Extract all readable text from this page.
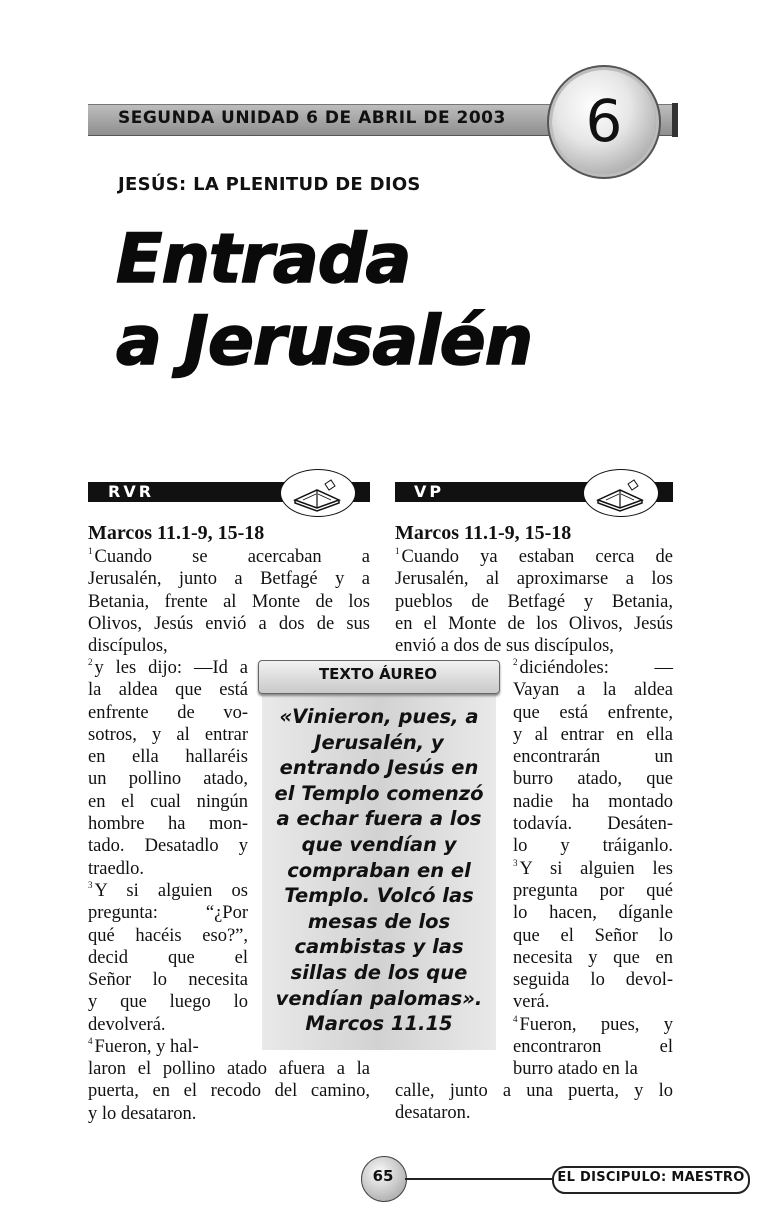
SEGUNDA UNIDAD 6 DE ABRIL DE 2003	6
JESÚS: LA PLENITUD DE DIOS
Entrada
a Jerusalén
RVR	VP
Marcos 11.1-9, 15-18	Marcos 11.1-9, 15-18
$^1$ Cuando se acercaban a
Jerusalén, junto a Betfagé y a
Betania, frente al Monte de los
Olivos, Jesús envió a dos de sus
discípulos,
$^2$ y les dijo: —Id a
la aldea que está
enfrente de vo-
sotros, y al entrar
en ella hallaréis
un pollino atado,
en el cual ningún
hombre ha mon-
tado. Desatadlo y
traedlo.
$^3$ Y si alguien os
pregunta: “¿Por
qué hacéis eso?”,
decid que el
Señor lo necesita
y que luego lo
devolverá.
$^4$ Fueron, y hal-
laron el pollino atado afuera a la
puerta, en el recodo del camino,
y lo desataron.
$^1$ Cuando ya estaban cerca de
Jerusalén, al aproximarse a los
pueblos de Betfagé y Betania,
en el Monte de los Olivos, Jesús
envió a dos de sus discípulos,
$^2$ diciéndoles: —
Vayan a la aldea
que está enfrente,
y al entrar en ella
encontrarán un
burro atado, que
nadie ha montado
todavía. Desáten-
lo y tráiganlo.
$^3$ Y si alguien les
pregunta por qué
lo hacen, díganle
que el Señor lo
necesita y que en
seguida lo devol-
verá.
$^4$ Fueron, pues, y
encontraron el
burro atado en la
calle, junto a una puerta, y lo
desataron.
TEXTO ÁUREO
«Vinieron, pues, a
Jerusalén, y
entrando Jesús en
el Templo comenzó
a echar fuera a los
que vendían y
compraban en el
Templo. Volcó las
mesas de los
cambistas y las
sillas de los que
vendían palomas».
Marcos 11.15
65	EL DISCIPULO: MAESTRO
